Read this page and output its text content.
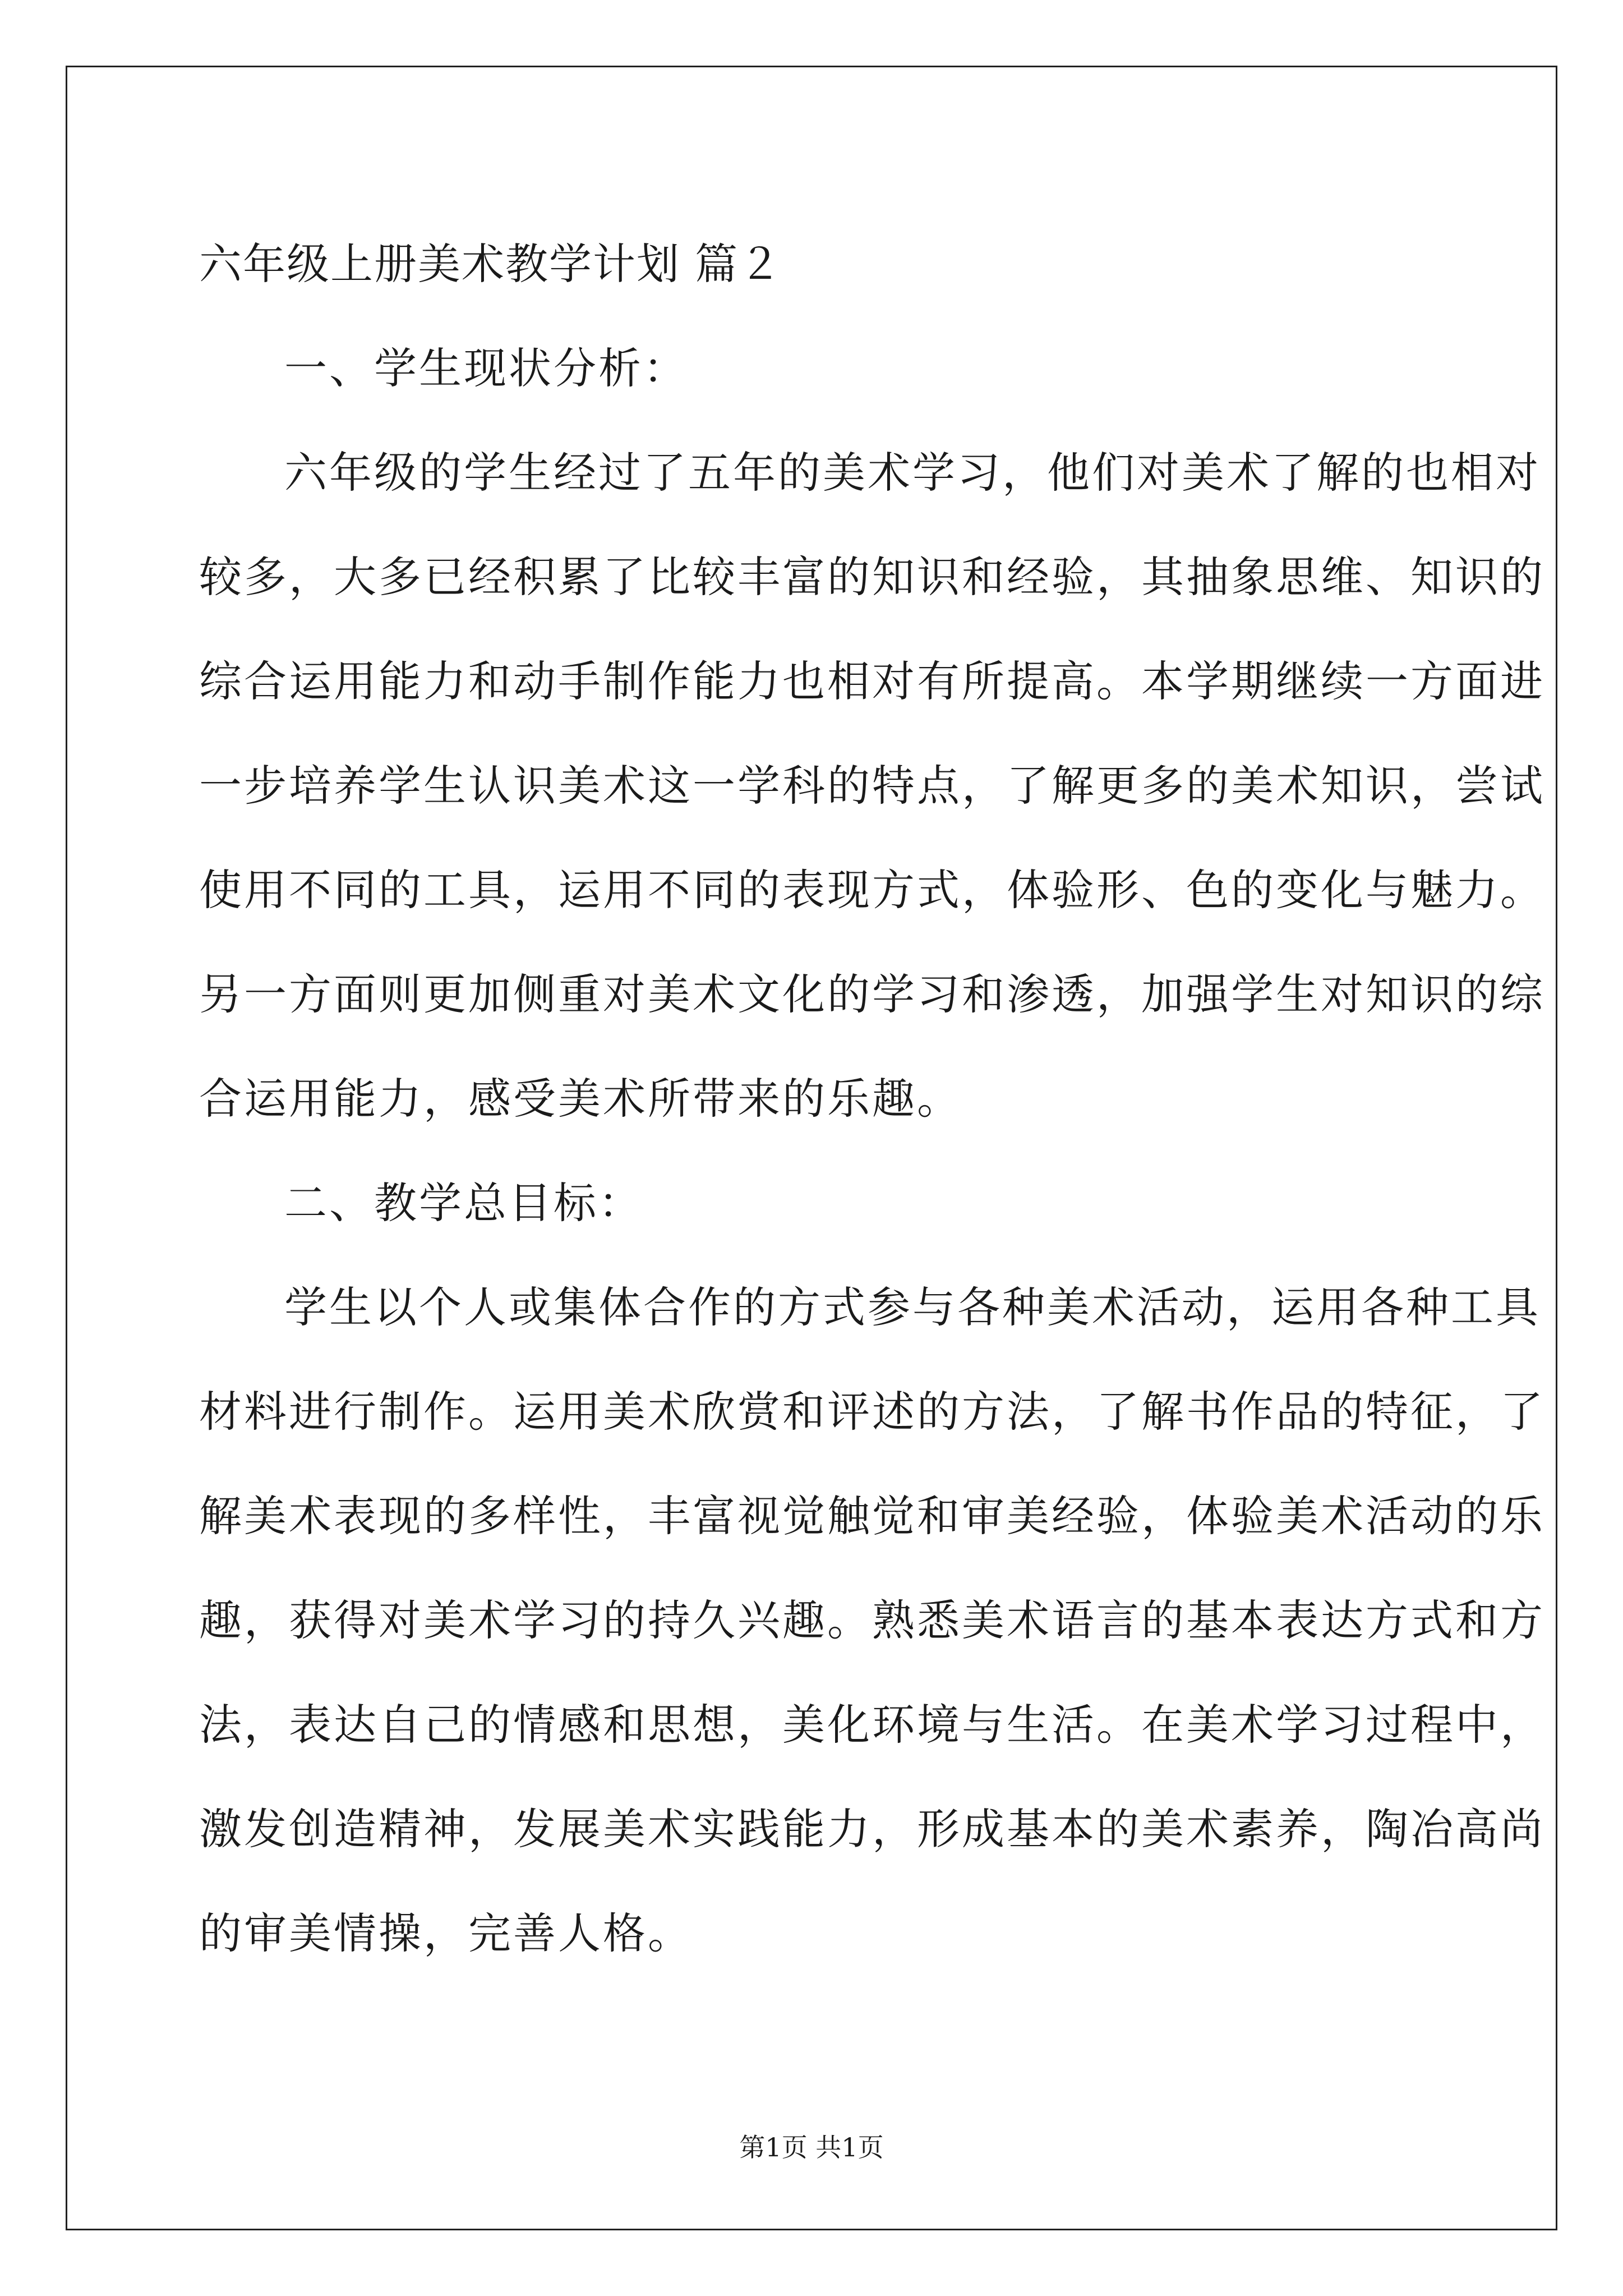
六年级上册美术教学计划 篇２
一、学生现状分析：
六年级的学生经过了五年的美术学习，他们对美术了解的也相对
较多，大多已经积累了比较丰富的知识和经验，其抽象思维、知识的
综合运用能力和动手制作能力也相对有所提高。本学期继续一方面进
一步培养学生认识美术这一学科的特点，了解更多的美术知识，尝试
使用不同的工具，运用不同的表现方式，体验形、色的变化与魅力。
另一方面则更加侧重对美术文化的学习和渗透，加强学生对知识的综
合运用能力，感受美术所带来的乐趣。
二、教学总目标：
学生以个人或集体合作的方式参与各种美术活动，运用各种工具
材料进行制作。运用美术欣赏和评述的方法，了解书作品的特征，了
解美术表现的多样性，丰富视觉触觉和审美经验，体验美术活动的乐
趣，获得对美术学习的持久兴趣。熟悉美术语言的基本表达方式和方
法，表达自己的情感和思想，美化环境与生活。在美术学习过程中，
激发创造精神，发展美术实践能力，形成基本的美术素养，陶冶高尚
的审美情操，完善人格。
第1页 共1页
